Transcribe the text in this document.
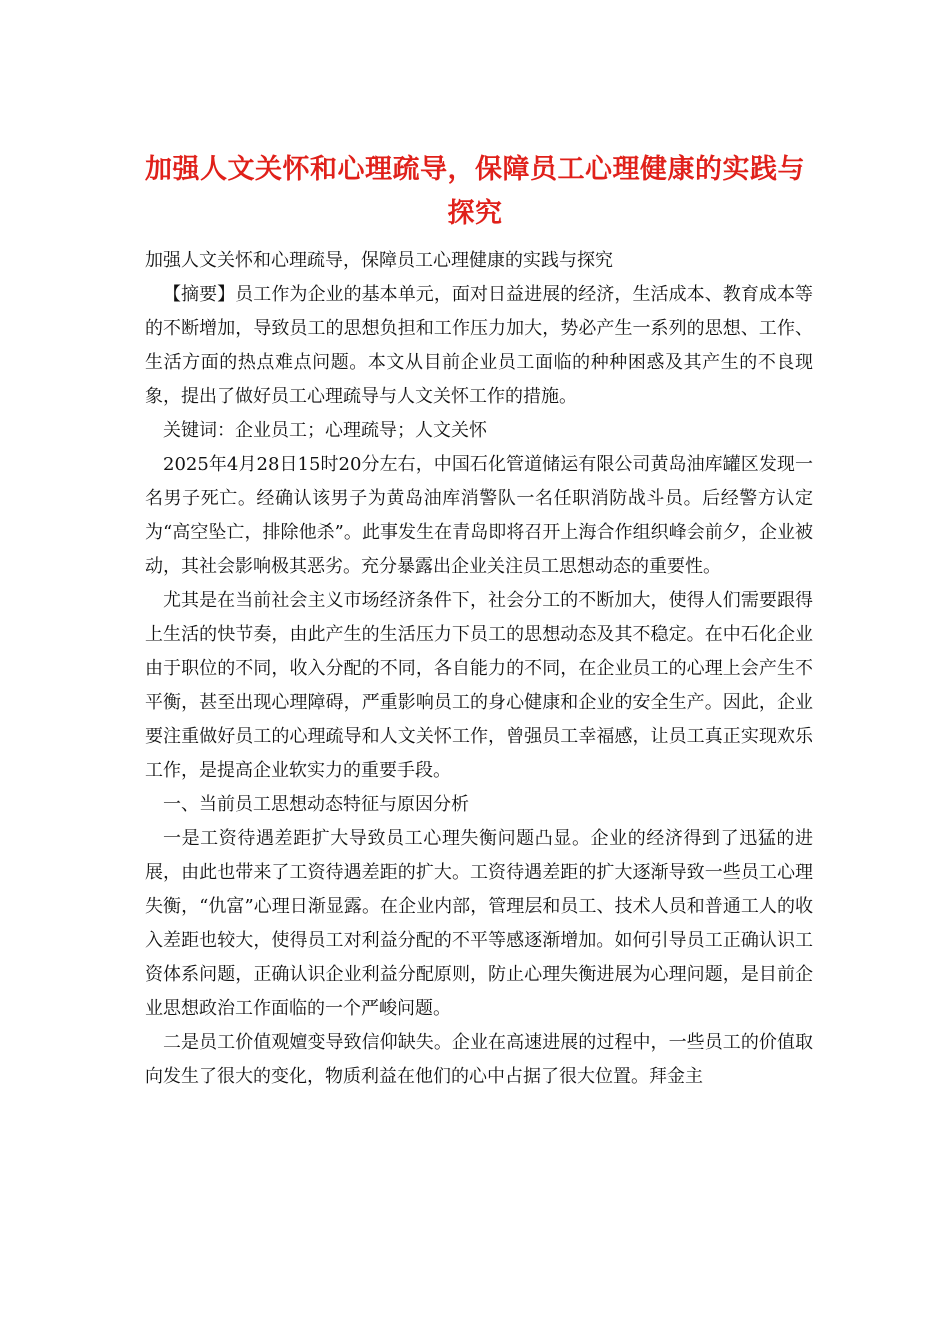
加强人文关怀和心理疏导，保障员工心理健康的实践与探究

加强人文关怀和心理疏导，保障员工心理健康的实践与探究

【摘要】员工作为企业的基本单元，面对日益进展的经济，生活成本、教育成本等的不断增加，导致员工的思想负担和工作压力加大，势必产生一系列的思想、工作、生活方面的热点难点问题。本文从目前企业员工面临的种种困惑及其产生的不良现象，提出了做好员工心理疏导与人文关怀工作的措施。

关键词：企业员工；心理疏导；人文关怀

2025年4月28日15时20分左右，中国石化管道储运有限公司黄岛油库罐区发现一名男子死亡。经确认该男子为黄岛油库消警队一名任职消防战斗员。后经警方认定为“高空坠亡，排除他杀”。此事发生在青岛即将召开上海合作组织峰会前夕，企业被动，其社会影响极其恶劣。充分暴露出企业关注员工思想动态的重要性。

尤其是在当前社会主义市场经济条件下，社会分工的不断加大，使得人们需要跟得上生活的快节奏，由此产生的生活压力下员工的思想动态及其不稳定。在中石化企业由于职位的不同，收入分配的不同，各自能力的不同，在企业员工的心理上会产生不平衡，甚至出现心理障碍，严重影响员工的身心健康和企业的安全生产。因此，企业要注重做好员工的心理疏导和人文关怀工作，曾强员工幸福感，让员工真正实现欢乐工作，是提高企业软实力的重要手段。

一、当前员工思想动态特征与原因分析

一是工资待遇差距扩大导致员工心理失衡问题凸显。企业的经济得到了迅猛的进展，由此也带来了工资待遇差距的扩大。工资待遇差距的扩大逐渐导致一些员工心理失衡，“仇富”心理日渐显露。在企业内部，管理层和员工、技术人员和普通工人的收入差距也较大，使得员工对利益分配的不平等感逐渐增加。如何引导员工正确认识工资体系问题，正确认识企业利益分配原则，防止心理失衡进展为心理问题，是目前企业思想政治工作面临的一个严峻问题。

二是员工价值观嬗变导致信仰缺失。企业在高速进展的过程中，一些员工的价值取向发生了很大的变化，物质利益在他们的心中占据了很大位置。拜金主
